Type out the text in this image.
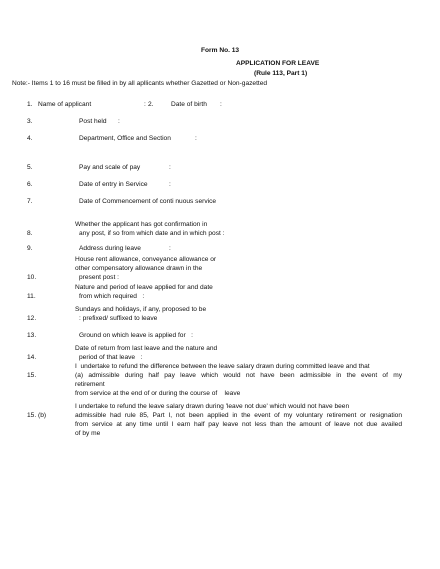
Form No. 13
APPLICATION FOR LEAVE
(Rule 113, Part 1)
Note:- Items 1 to 16 must be filled in by all apllicants whether Gazetted or Non-gazetted
1. Name of applicant	: 2.	Date of birth :
3.	Post held :
4.	Department, Office and Section	:
5.	Pay and scale of pay	:
6.	Date of entry in Service	:
7.	Date of Commencement of conti nuous service
Whether the applicant has got confirmation in
8.	any post, if so from which date and in which post :
9.	Address during leave	:
House rent allowance, conveyance allowance or
other compensatory allowance drawn in the
10.	present post :
Nature and period of leave applied for and date
11.	from which required   :
Sundays and holidays, if any, proposed to be
12.	: prefixed/ suffixed to leave
13.	Ground on which leave is applied for   :
Date of return from last leave and the nature and
14.	period of that leave   :
I  undertake to refund the difference between the leave salary drawn during committed leave and that
15.	(a) admissible during half pay leave which would not have been admissible in the event of my
retirement
from service at the end of or during the course of    leave
I undertake to refund the leave salary drawn during 'leave not due' which would not have been
15. (b)	admissible had rule 85, Part I, not been applied in the event of my voluntary retirement or resignation
from service at any time until I earn half pay leave not less than the amount of leave not due availed
of by me
